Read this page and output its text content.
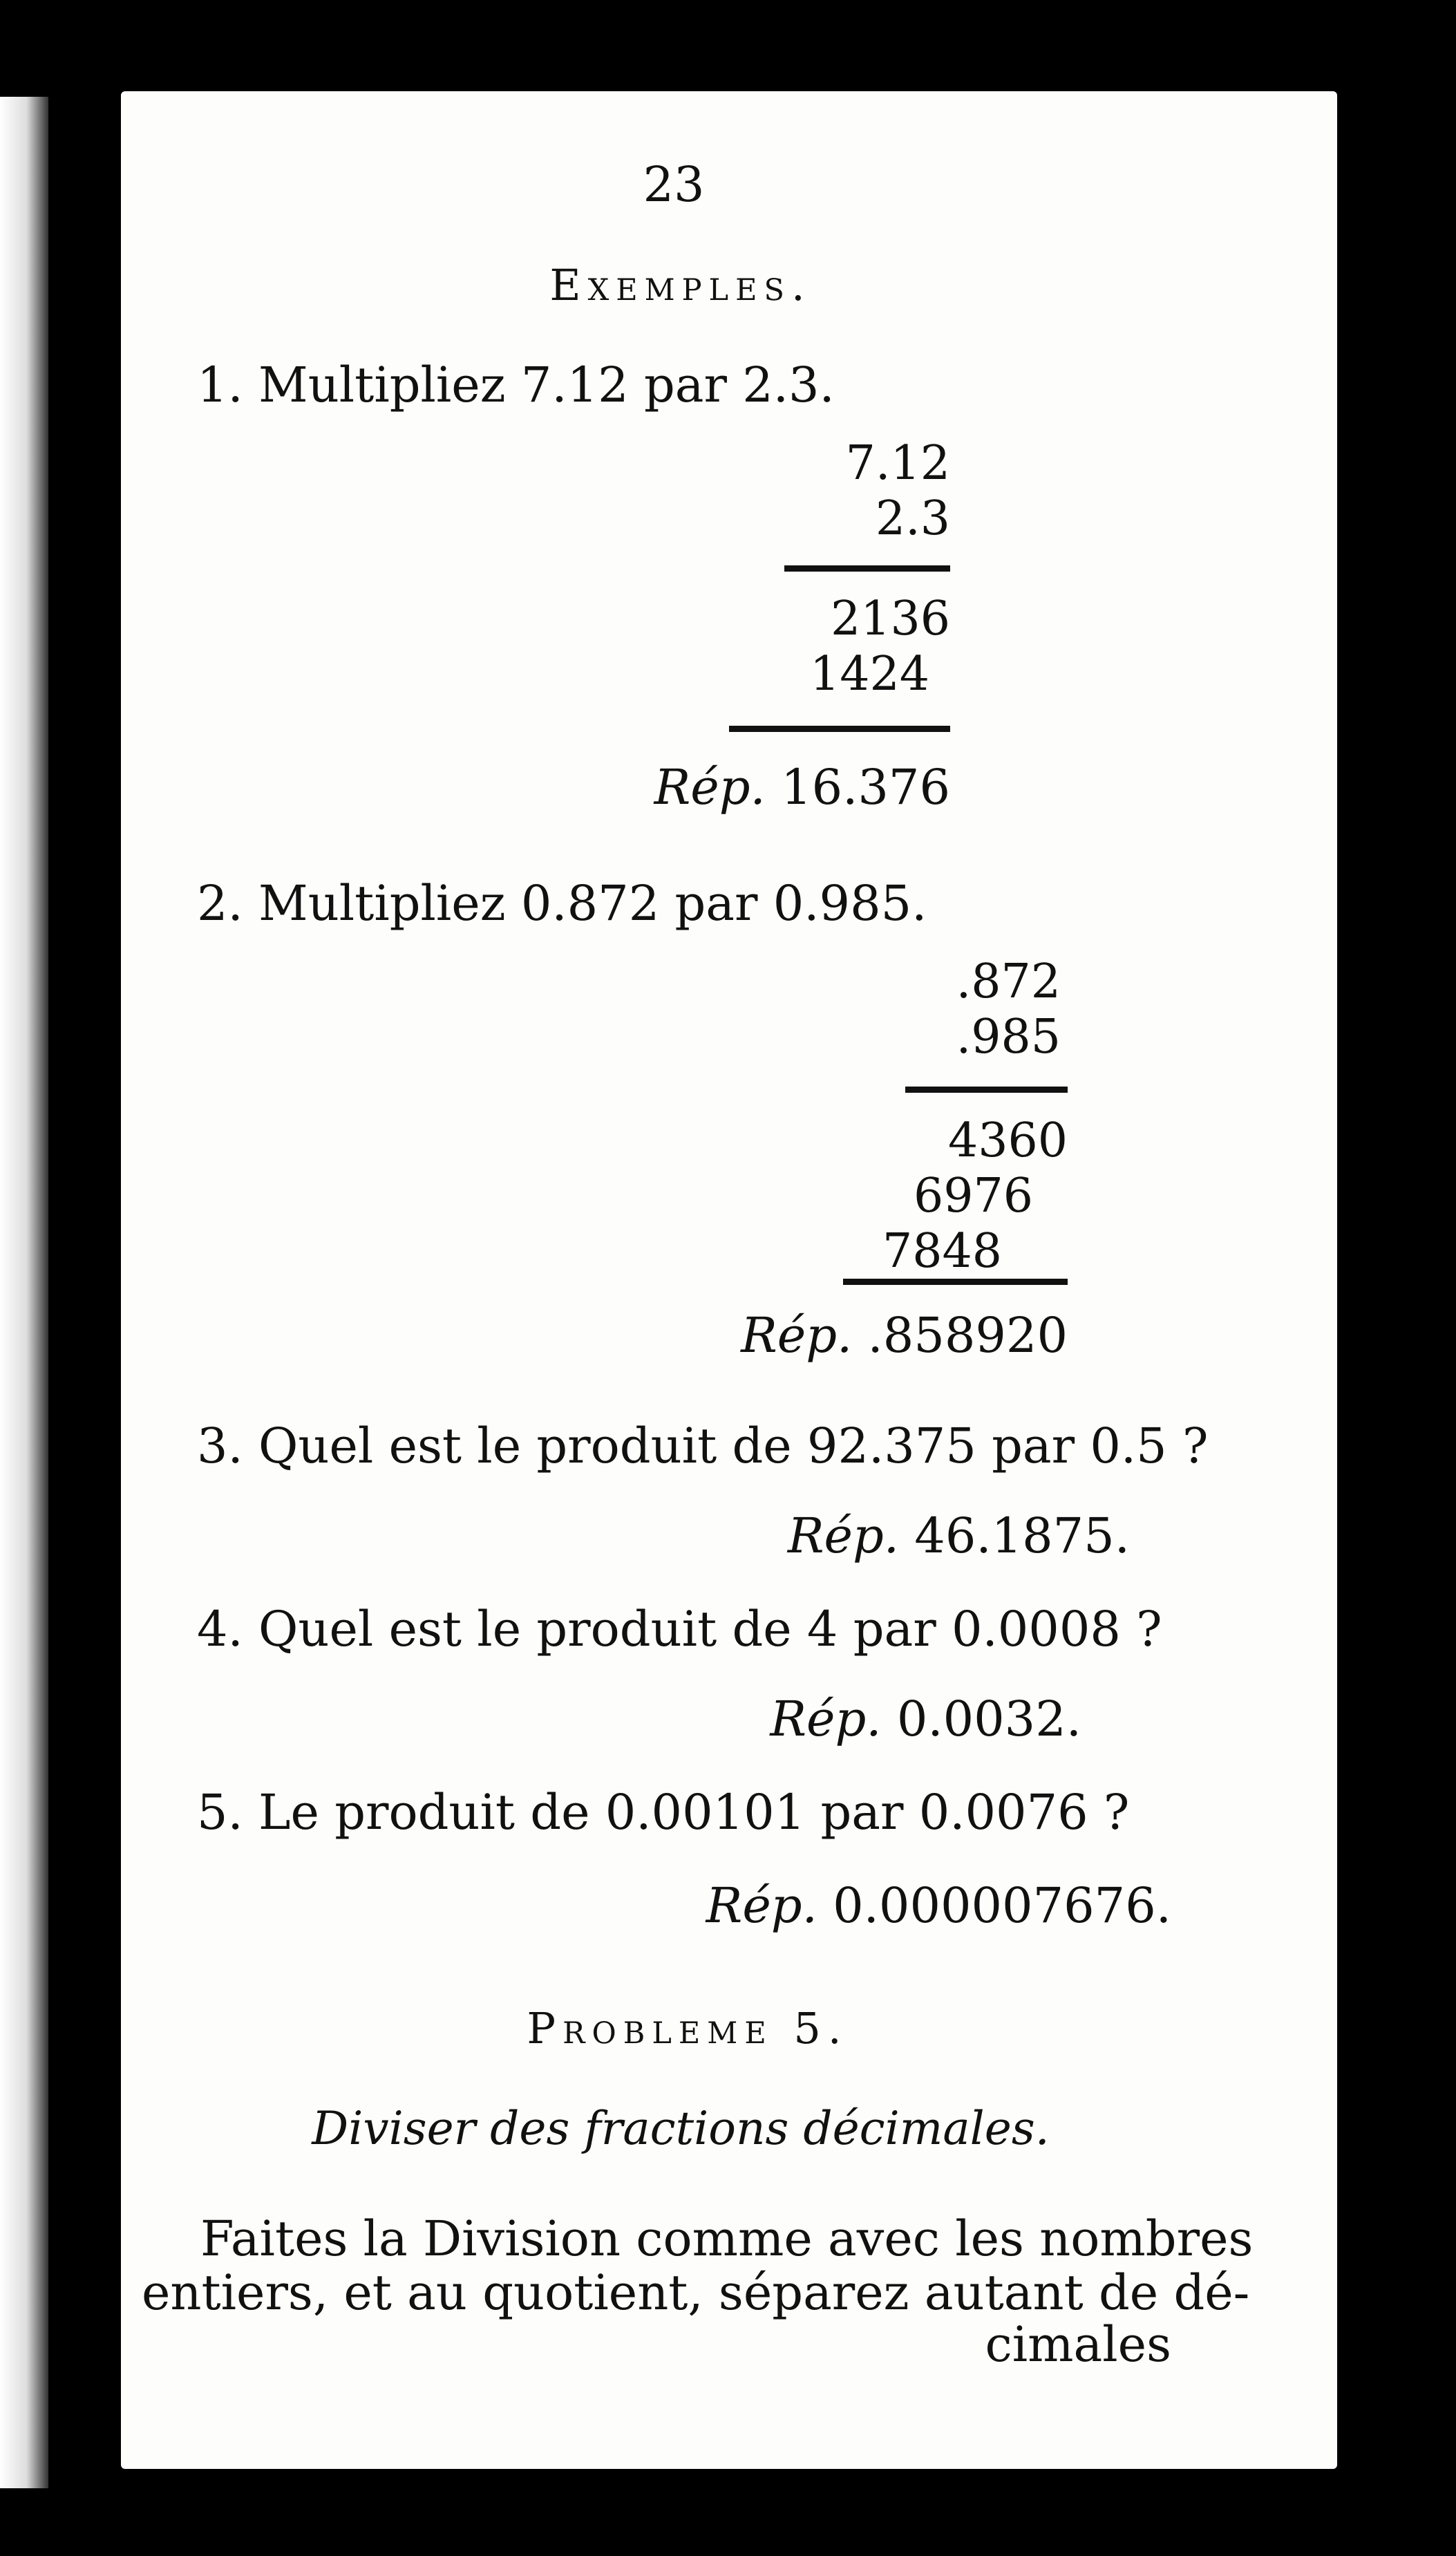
23
Exemples.
1. Multipliez 7.12 par 2.3.
7.12
2.3
2136
1424
Rép. 16.376
2. Multipliez 0.872 par 0.985.
.872
.985
4360
6976
7848
Rép. .858920
3. Quel est le produit de 92.375 par 0.5 ?
Rép. 46.1875.
4. Quel est le produit de 4 par 0.0008 ?
Rép. 0.0032.
5. Le produit de 0.00101 par 0.0076 ?
Rép. 0.000007676.
Probleme 5.
Diviser des fractions décimales.
Faites la Division comme avec les nombres
entiers, et au quotient, séparez autant de dé-
cimales
